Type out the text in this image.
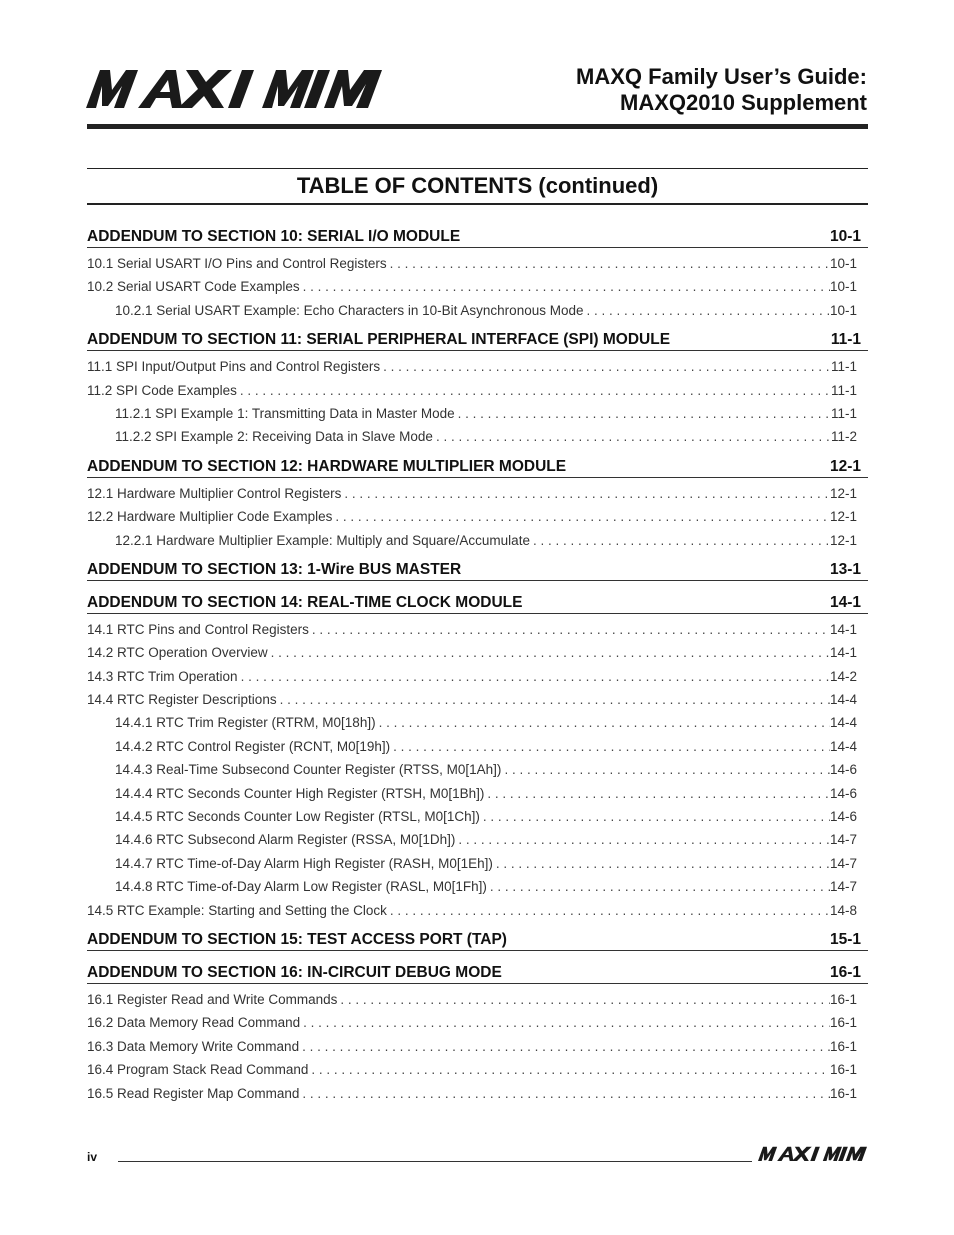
MAXQ Family User’s Guide:
MAXQ2010 Supplement
TABLE OF CONTENTS (continued)
ADDENDUM TO SECTION 10: SERIAL I/O MODULE	10-1
10.1 Serial USART I/O Pins and Control Registers . . .	10-1
10.2 Serial USART Code Examples . . .	10-1
10.2.1 Serial USART Example: Echo Characters in 10-Bit Asynchronous Mode . . .	10-1
ADDENDUM TO SECTION 11: SERIAL PERIPHERAL INTERFACE (SPI) MODULE	11-1
11.1 SPI Input/Output Pins and Control Registers . . .	11-1
11.2 SPI Code Examples . . .	11-1
11.2.1 SPI Example 1: Transmitting Data in Master Mode . . .	11-1
11.2.2 SPI Example 2: Receiving Data in Slave Mode . . .	11-2
ADDENDUM TO SECTION 12: HARDWARE MULTIPLIER MODULE	12-1
12.1 Hardware Multiplier Control Registers . . .	12-1
12.2 Hardware Multiplier Code Examples . . .	12-1
12.2.1 Hardware Multiplier Example: Multiply and Square/Accumulate . . .	12-1
ADDENDUM TO SECTION 13: 1-Wire BUS MASTER	13-1
ADDENDUM TO SECTION 14: REAL-TIME CLOCK MODULE	14-1
14.1 RTC Pins and Control Registers . . .	14-1
14.2 RTC Operation Overview . . .	14-1
14.3 RTC Trim Operation . . .	14-2
14.4 RTC Register Descriptions . . .	14-4
14.4.1 RTC Trim Register (RTRM, M0[18h]) . . .	14-4
14.4.2 RTC Control Register (RCNT, M0[19h]) . . .	14-4
14.4.3 Real-Time Subsecond Counter Register (RTSS, M0[1Ah]) . . .	14-6
14.4.4 RTC Seconds Counter High Register (RTSH, M0[1Bh]) . . .	14-6
14.4.5 RTC Seconds Counter Low Register (RTSL, M0[1Ch]) . . .	14-6
14.4.6 RTC Subsecond Alarm Register (RSSA, M0[1Dh]) . . .	14-7
14.4.7 RTC Time-of-Day Alarm High Register (RASH, M0[1Eh]) . . .	14-7
14.4.8 RTC Time-of-Day Alarm Low Register (RASL, M0[1Fh]) . . .	14-7
14.5 RTC Example: Starting and Setting the Clock . . .	14-8
ADDENDUM TO SECTION 15: TEST ACCESS PORT (TAP)	15-1
ADDENDUM TO SECTION 16: IN-CIRCUIT DEBUG MODE	16-1
16.1 Register Read and Write Commands . . .	16-1
16.2 Data Memory Read Command . . .	16-1
16.3 Data Memory Write Command . . .	16-1
16.4 Program Stack Read Command . . .	16-1
16.5 Read Register Map Command . . .	16-1
iv
